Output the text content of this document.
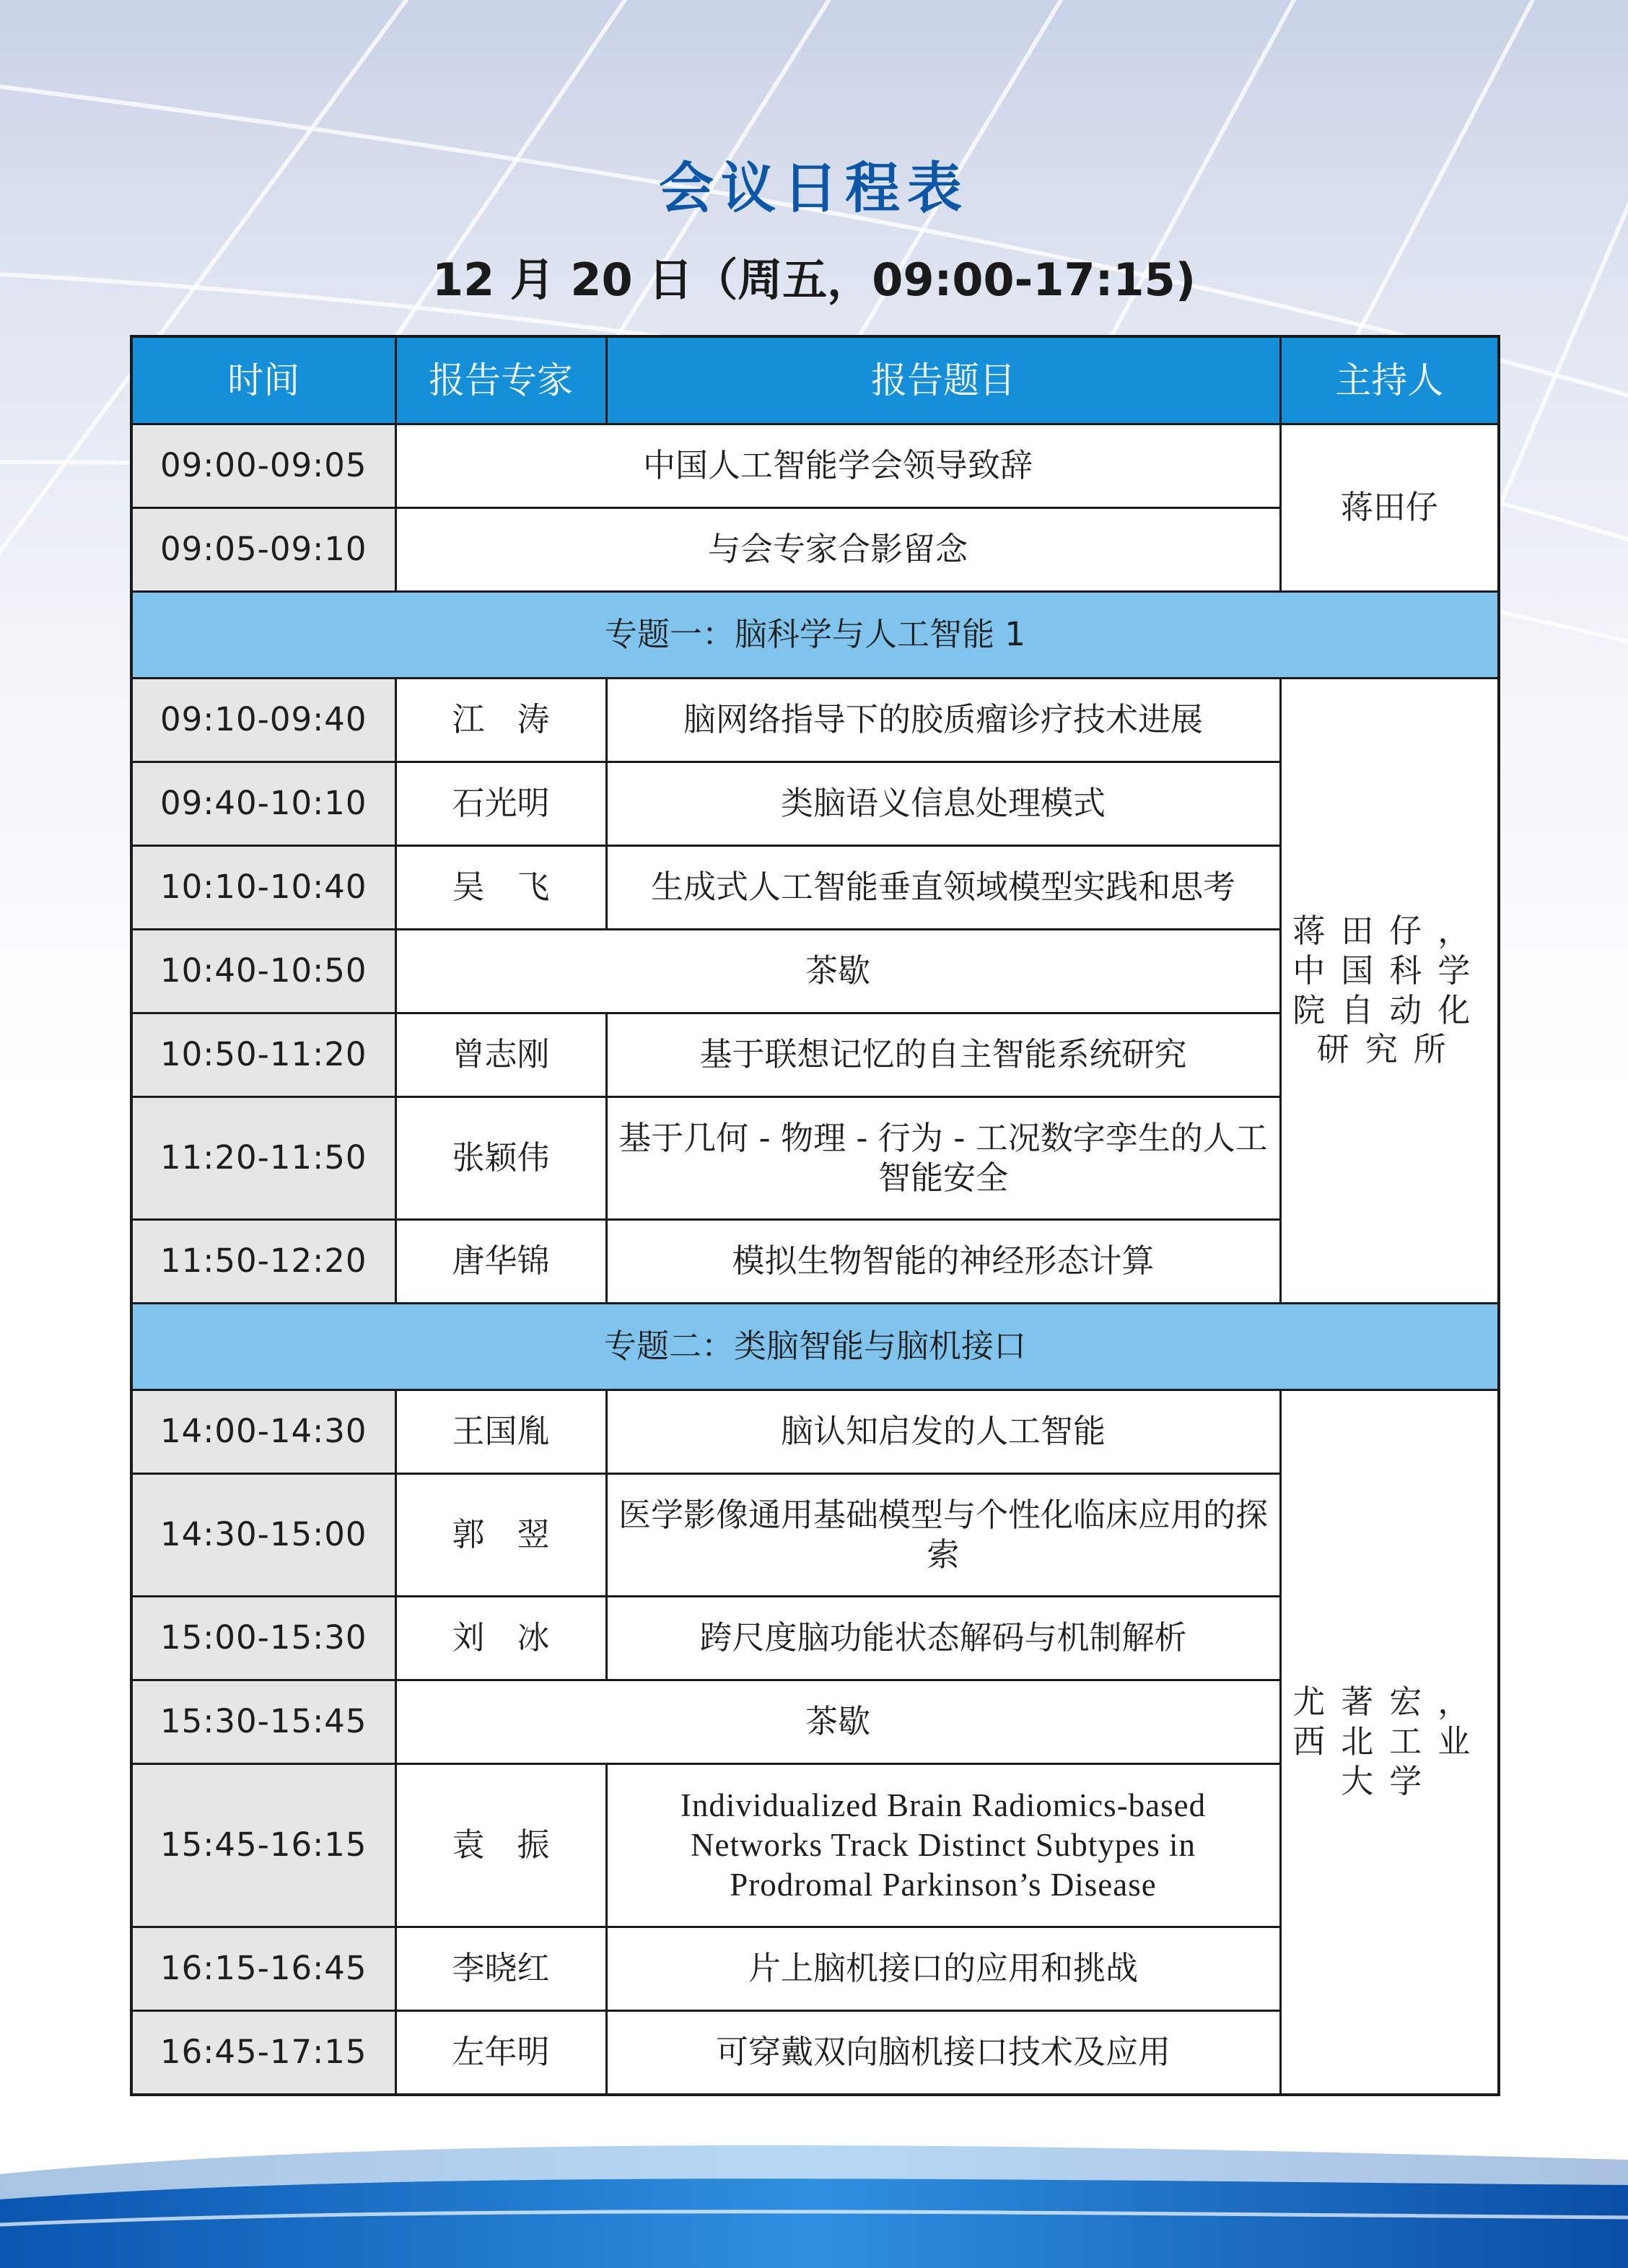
会议日程表
12 月 20 日（周五，09:00-17:15)
时间	报告专家	报告题目	主持人
09:00-09:05	中国人工智能学会领导致辞		蒋田仔
09:05-09:10	与会专家合影留念		
专题一：脑科学与人工智能 1			
09:10-09:40	江　涛	脑网络指导下的胶质瘤诊疗技术进展	蒋田仔，中国科学院自动化研究所
09:40-10:10	石光明	类脑语义信息处理模式	
10:10-10:40	吴　飞	生成式人工智能垂直领域模型实践和思考	
10:40-10:50	茶歇		
10:50-11:20	曾志刚	基于联想记忆的自主智能系统研究	
11:20-11:50	张颖伟	基于几何 - 物理 - 行为 - 工况数字孪生的人工智能安全	
11:50-12:20	唐华锦	模拟生物智能的神经形态计算	
专题二：类脑智能与脑机接口			
14:00-14:30	王国胤	脑认知启发的人工智能	尤著宏，西北工业大学
14:30-15:00	郭　翌	医学影像通用基础模型与个性化临床应用的探索	
15:00-15:30	刘　冰	跨尺度脑功能状态解码与机制解析	
15:30-15:45	茶歇		
15:45-16:15	袁　振	Individualized Brain Radiomics-based Networks Track Distinct Subtypes in Prodromal Parkinson’s Disease	
16:15-16:45	李晓红	片上脑机接口的应用和挑战	
16:45-17:15	左年明	可穿戴双向脑机接口技术及应用	
